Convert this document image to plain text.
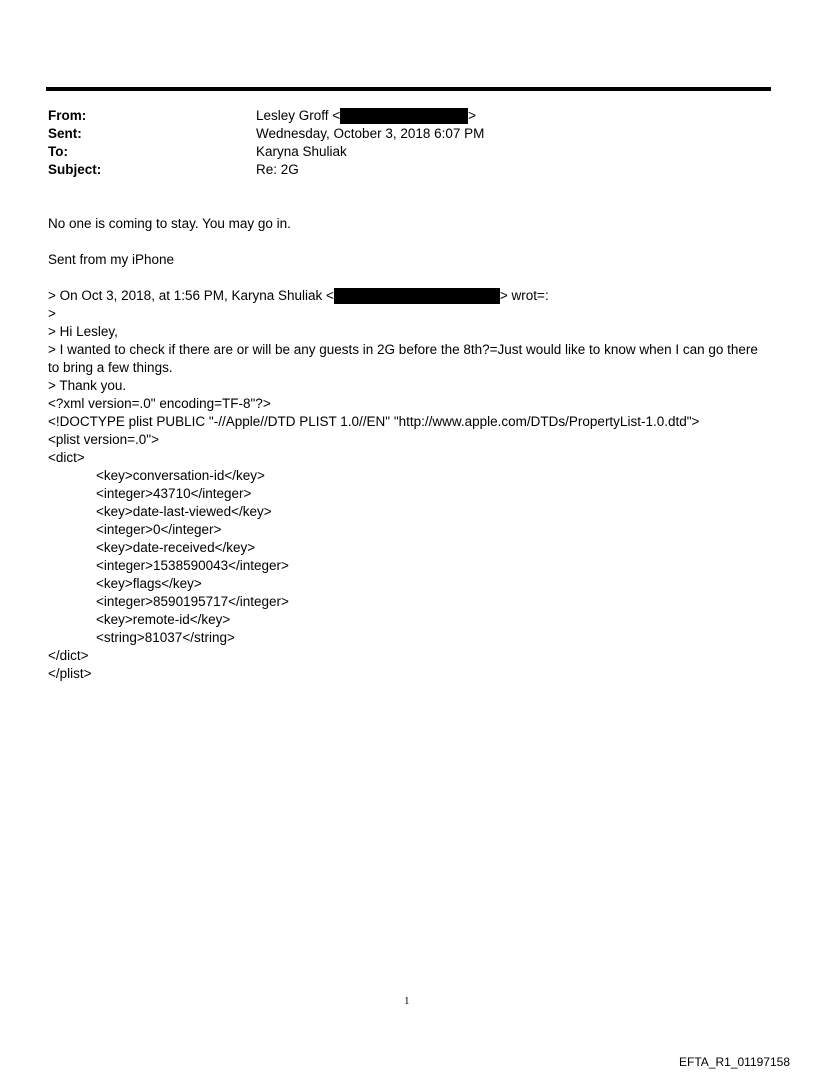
From:	Lesley Groff <	>
Sent:	Wednesday, October 3, 2018 6:07 PM
To:	Karyna Shuliak
Subject:	Re: 2G
No one is coming to stay. You may go in.
Sent from my iPhone
> On Oct 3, 2018, at 1:56 PM, Karyna Shuliak <	> wrot=:
>
> Hi Lesley,
> I wanted to check if there are or will be any guests in 2G before the 8th?=Just would like to know when I can go there
to bring a few things.
> Thank you.
<?xml version=.0" encoding=TF-8"?>
<!DOCTYPE plist PUBLIC "-//Apple//DTD PLIST 1.0//EN" "http://www.apple.com/DTDs/PropertyList-1.0.dtd">
<plist version=.0">
<dict>
<key>conversation-id</key>
<integer>43710</integer>
<key>date-last-viewed</key>
<integer>0</integer>
<key>date-received</key>
<integer>1538590043</integer>
<key>flags</key>
<integer>8590195717</integer>
<key>remote-id</key>
<string>81037</string>
</dict>
</plist>
1
EFTA_R1_01197158
